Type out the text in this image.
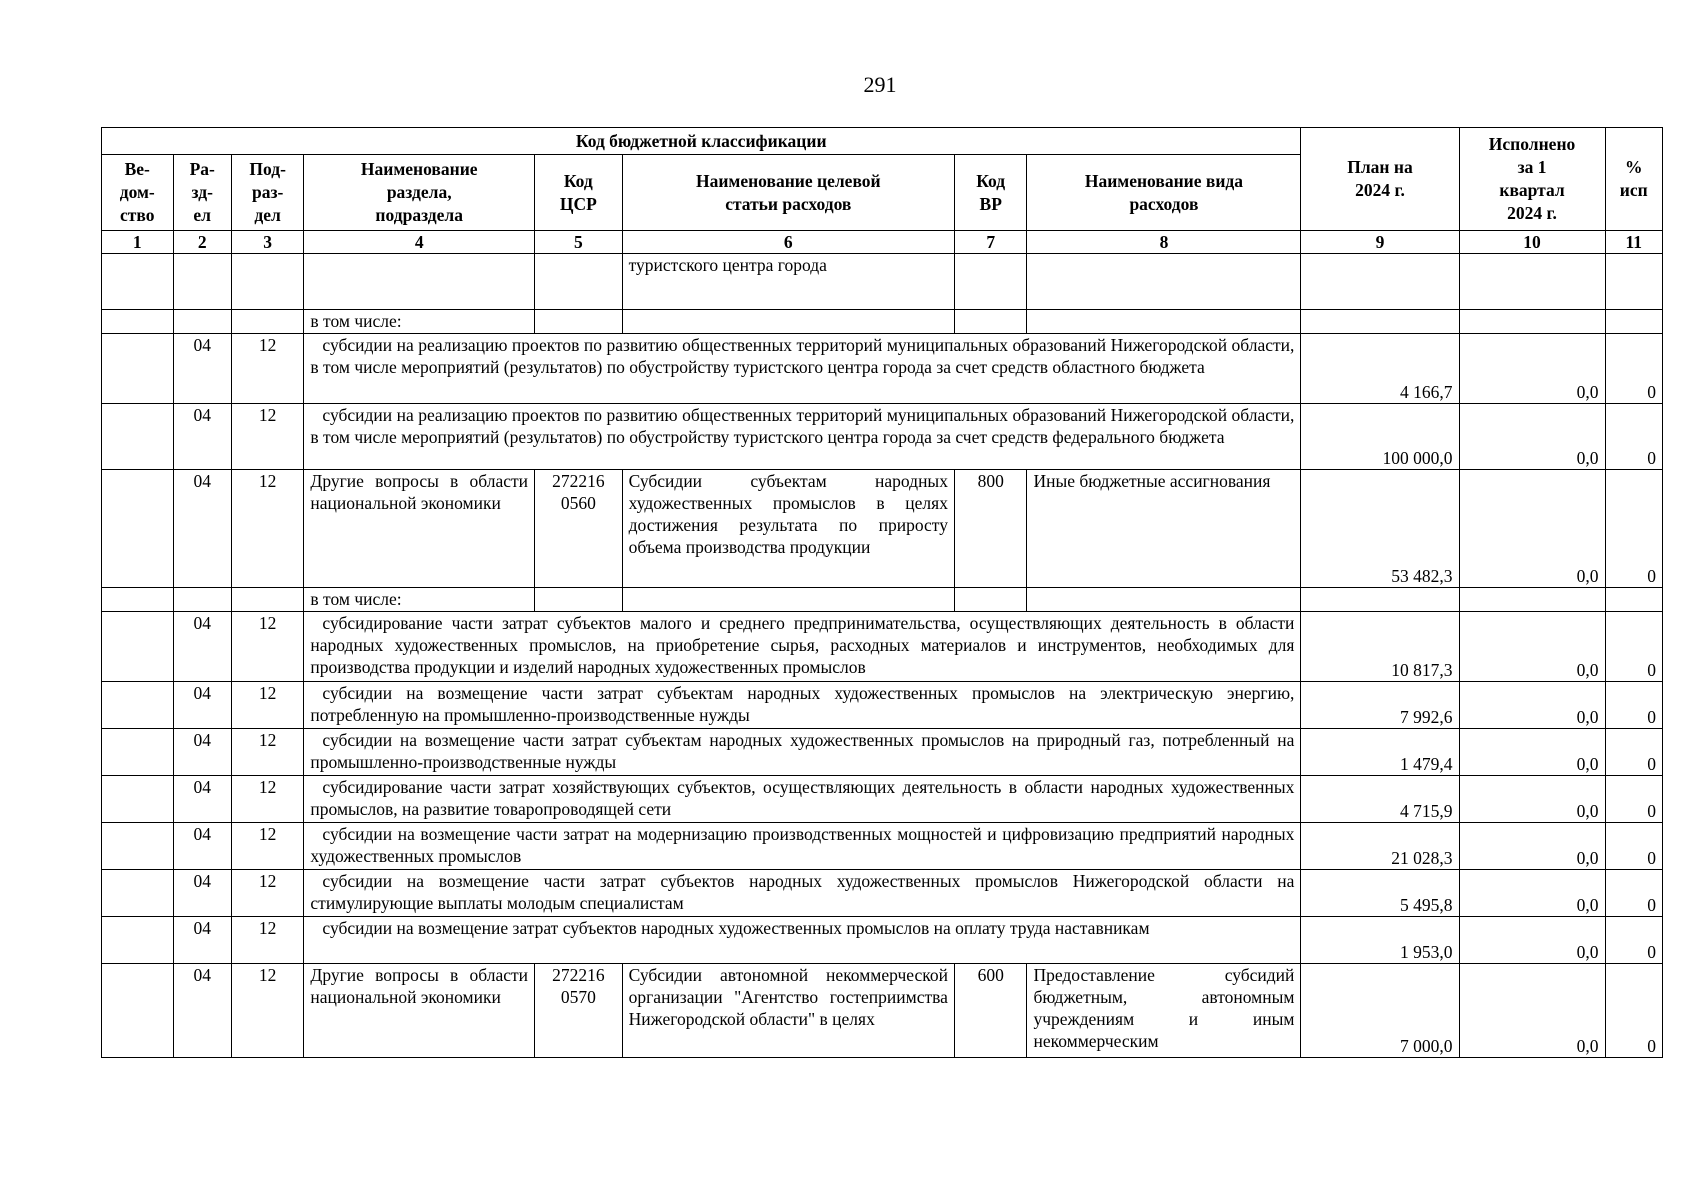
291
Код бюджетной классификации								План на
2024 г.	Исполнено
за 1
квартал
2024 г.	%
исп
Ве-
дом-
ство	Ра-
зд-
ел	Под-
раз-
дел	Наименование
раздела,
подраздела	Код
ЦСР	Наименование целевой
статьи расходов	Код
ВР	Наименование вида
расходов			
1	2	3	4	5	6	7	8	9	10	11
					туристского центра города					
			в том числе:							
	04	12	субсидии на реализацию проектов по развитию общественных территорий муниципальных образований Нижегородской области, в том числе мероприятий (результатов) по обустройству туристского центра города за счет средств областного бюджета					4 166,7	0,0	0
	04	12	субсидии на реализацию проектов по развитию общественных территорий муниципальных образований Нижегородской области, в том числе мероприятий (результатов) по обустройству туристского центра города за счет средств федерального бюджета					100 000,0	0,0	0
	04	12	Другие вопросы в области национальной экономики	272216 0560	Субсидии субъектам народных художественных промыслов в целях достижения результата по приросту объема производства продукции	800	Иные бюджетные ассигнования	53 482,3	0,0	0
			в том числе:							
	04	12	субсидирование части затрат субъектов малого и среднего предпринимательства, осуществляющих деятельность в области народных художественных промыслов, на приобретение сырья, расходных материалов и инструментов, необходимых для производства продукции и изделий народных художественных промыслов					10 817,3	0,0	0
	04	12	субсидии на возмещение части затрат субъектам народных художественных промыслов на электрическую энергию, потребленную на промышленно-производственные нужды					7 992,6	0,0	0
	04	12	субсидии на возмещение части затрат субъектам народных художественных промыслов на природный газ, потребленный на промышленно-производственные нужды					1 479,4	0,0	0
	04	12	субсидирование части затрат хозяйствующих субъектов, осуществляющих деятельность в области народных художественных промыслов, на развитие товаропроводящей сети					4 715,9	0,0	0
	04	12	субсидии на возмещение части затрат на модернизацию производственных мощностей и цифровизацию предприятий народных художественных промыслов					21 028,3	0,0	0
	04	12	субсидии на возмещение части затрат субъектов народных художественных промыслов Нижегородской области на стимулирующие выплаты молодым специалистам					5 495,8	0,0	0
	04	12	субсидии на возмещение затрат субъектов народных художественных промыслов на оплату труда наставникам					1 953,0	0,0	0
	04	12	Другие вопросы в области национальной экономики	272216 0570	Субсидии автономной некоммерческой организации "Агентство гостеприимства Нижегородской области" в целях	600	Предоставление субсидий бюджетным, автономным учреждениям и иным некоммерческим	7 000,0	0,0	0
